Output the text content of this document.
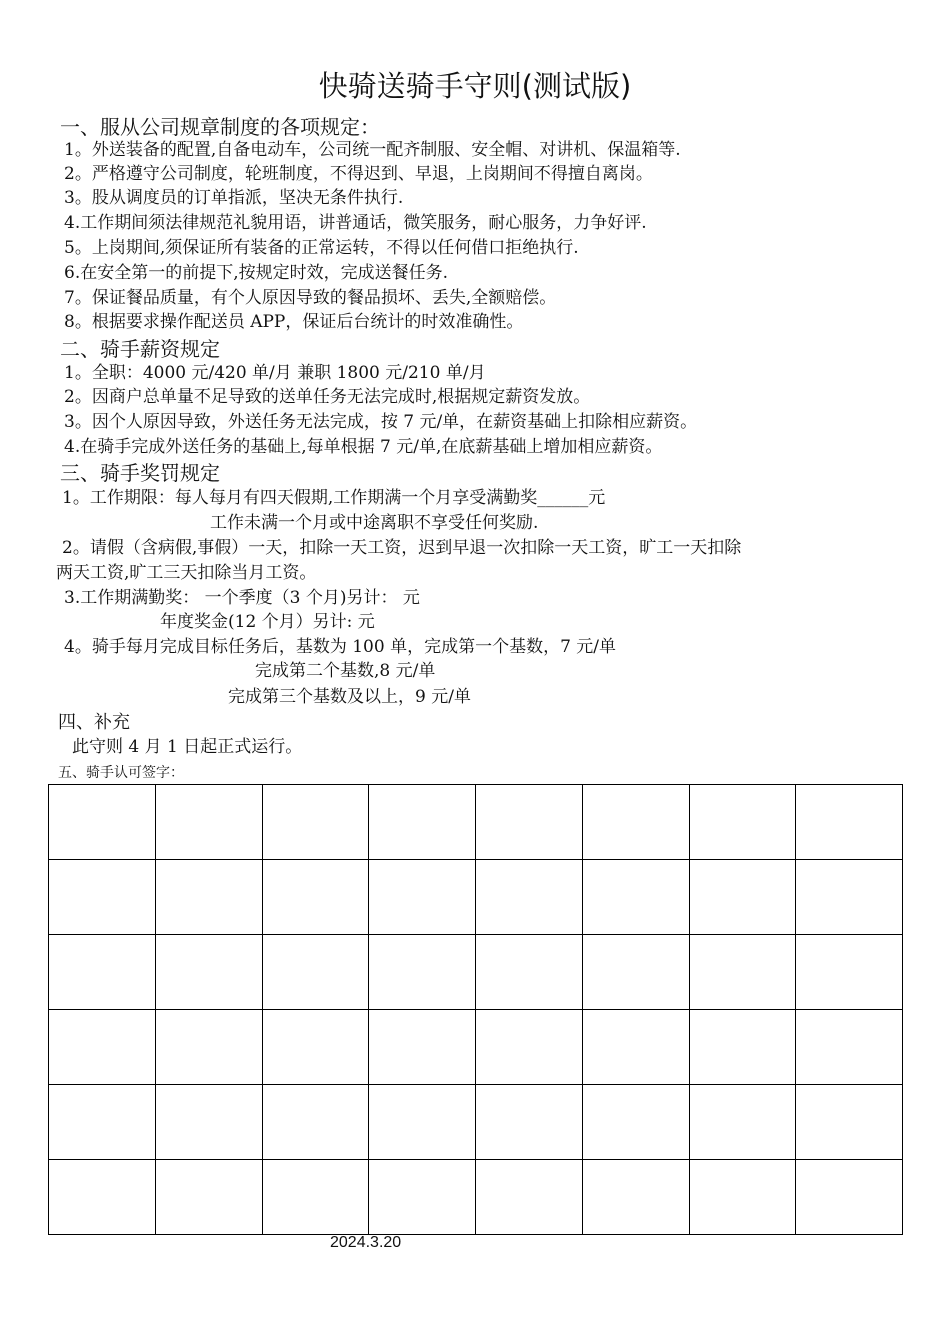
快骑送骑手守则(测试版)
一、服从公司规章制度的各项规定：
1。外送装备的配置,自备电动车，公司统一配齐制服、安全帽、对讲机、保温箱等.
2。严格遵守公司制度，轮班制度，不得迟到、早退，上岗期间不得擅自离岗。
3。股从调度员的订单指派，坚决无条件执行.
4.工作期间须法律规范礼貌用语，讲普通话，微笑服务，耐心服务，力争好评.
5。上岗期间,须保证所有装备的正常运转，不得以任何借口拒绝执行.
6.在安全第一的前提下,按规定时效，完成送餐任务.
7。保证餐品质量，有个人原因导致的餐品损坏、丢失,全额赔偿。
8。根据要求操作配送员 APP，保证后台统计的时效准确性。
二、骑手薪资规定
1。全职：4000 元/420 单/月 兼职 1800 元/210 单/月
2。因商户总单量不足导致的送单任务无法完成时,根据规定薪资发放。
3。因个人原因导致，外送任务无法完成，按 7 元/单，在薪资基础上扣除相应薪资。
4.在骑手完成外送任务的基础上,每单根据 7 元/单,在底薪基础上增加相应薪资。
三、骑手奖罚规定
1。工作期限：每人每月有四天假期,工作期满一个月享受满勤奖______元
工作未满一个月或中途离职不享受任何奖励.
2。请假（含病假,事假）一天，扣除一天工资，迟到早退一次扣除一天工资，旷工一天扣除
两天工资,旷工三天扣除当月工资。
3.工作期满勤奖： 一个季度（3 个月)另计： 元
年度奖金(12 个月）另计: 元
4。骑手每月完成目标任务后，基数为 100 单，完成第一个基数，7 元/单
完成第二个基数,8 元/单
完成第三个基数及以上，9 元/单
四、补充
此守则 4 月 1 日起正式运行。
五、骑手认可签字：

2024.3.20
